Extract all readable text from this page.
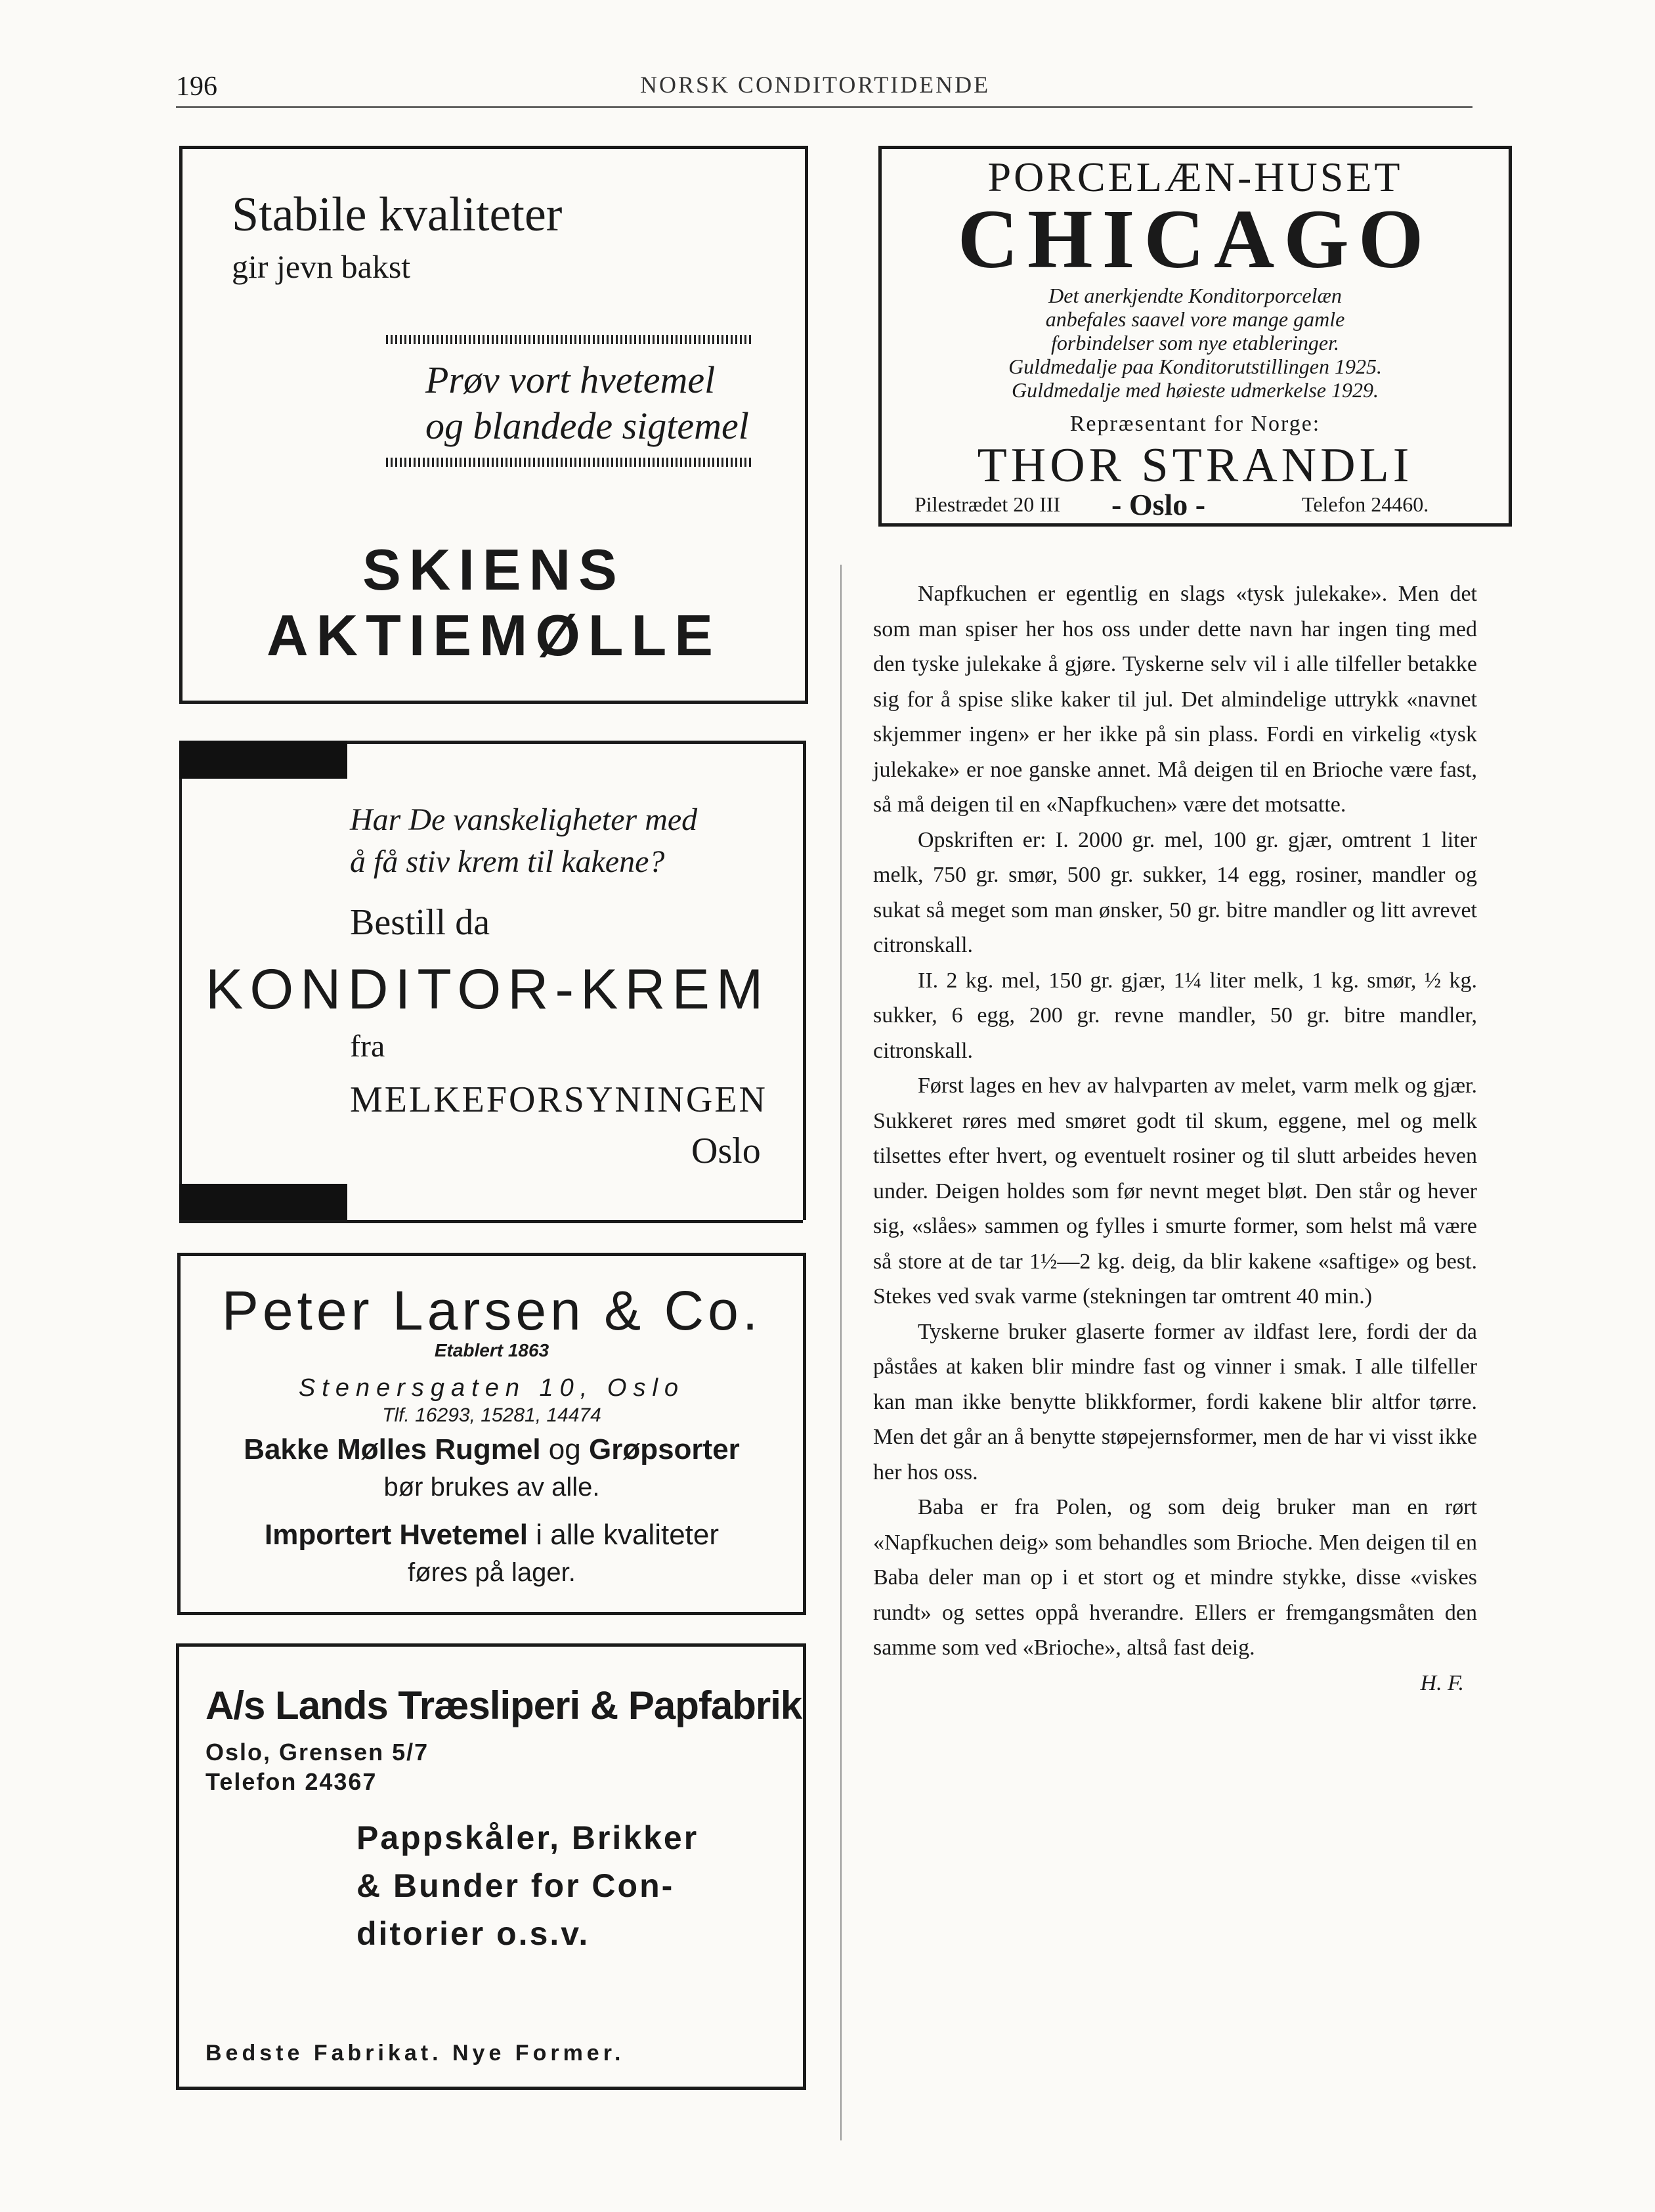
196	NORSK CONDITORTIDENDE
Stabile kvaliteter
gir jevn bakst
Prøv vort hvetemel
og blandede sigtemel
SKIENS
AKTIEMØLLE
PORCELÆN-HUSET
CHICAGO
Det anerkjendte Konditorporcelæn
anbefales saavel vore mange gamle
forbindelser som nye etableringer.
Guldmedalje paa Konditorutstillingen 1925.
Guldmedalje med høieste udmerkelse 1929.
Repræsentant for Norge:
THOR STRANDLI
Pilestrædet 20 III - Oslo -	Telefon 24460.
Har De vanskeligheter med
å få stiv krem til kakene?
Bestill da
KONDITOR-KREM
fra
MELKEFORSYNINGEN
Oslo
Peter Larsen & Co.
Etablert 1863
Stenersgaten 10, Oslo
Tlf. 16293, 15281, 14474
Bakke Mølles Rugmel og Grøpsorter
bør brukes av alle.
Importert Hvetemel i alle kvaliteter
føres på lager.
A/s Lands Træsliperi & Papfabrik
Oslo, Grensen 5/7
Telefon 24367
Pappskåler, Brikker
& Bunder for Con-
ditorier o.s.v.
Bedste Fabrikat. Nye Former.

Napfkuchen er egentlig en slags «tysk julekake». Men det som man spiser her hos oss under dette navn har ingen ting med den tyske julekake å gjøre. Tyskerne selv vil i alle tilfeller betakke sig for å spise slike kaker til jul. Det almindelige uttrykk «navnet skjemmer ingen» er her ikke på sin plass. Fordi en virkelig «tysk julekake» er noe ganske annet. Må deigen til en Brioche være fast, så må deigen til en «Napfkuchen» være det motsatte.

Opskriften er: I. 2000 gr. mel, 100 gr. gjær, omtrent 1 liter melk, 750 gr. smør, 500 gr. sukker, 14 egg, rosiner, mandler og sukat så meget som man ønsker, 50 gr. bitre mandler og litt avrevet citronskall.

II. 2 kg. mel, 150 gr. gjær, 1¼ liter melk, 1 kg. smør, ½ kg. sukker, 6 egg, 200 gr. revne mandler, 50 gr. bitre mandler, citronskall.

Først lages en hev av halvparten av melet, varm melk og gjær. Sukkeret røres med smøret godt til skum, eggene, mel og melk tilsettes efter hvert, og eventuelt rosiner og til slutt arbeides heven under. Deigen holdes som før nevnt meget bløt. Den står og hever sig, «slåes» sammen og fylles i smurte former, som helst må være så store at de tar 1½—2 kg. deig, da blir kakene «saftige» og best. Stekes ved svak varme (stekningen tar omtrent 40 min.)

Tyskerne bruker glaserte former av ildfast lere, fordi der da påståes at kaken blir mindre fast og vinner i smak. I alle tilfeller kan man ikke benytte blikkformer, fordi kakene blir altfor tørre. Men det går an å benytte støpejernsformer, men de har vi visst ikke her hos oss.

Baba er fra Polen, og som deig bruker man en rørt «Napfkuchen deig» som behandles som Brioche. Men deigen til en Baba deler man op i et stort og et mindre stykke, disse «viskes rundt» og settes oppå hverandre. Ellers er fremgangsmåten den samme som ved «Brioche», altså fast deig.

H. F.
